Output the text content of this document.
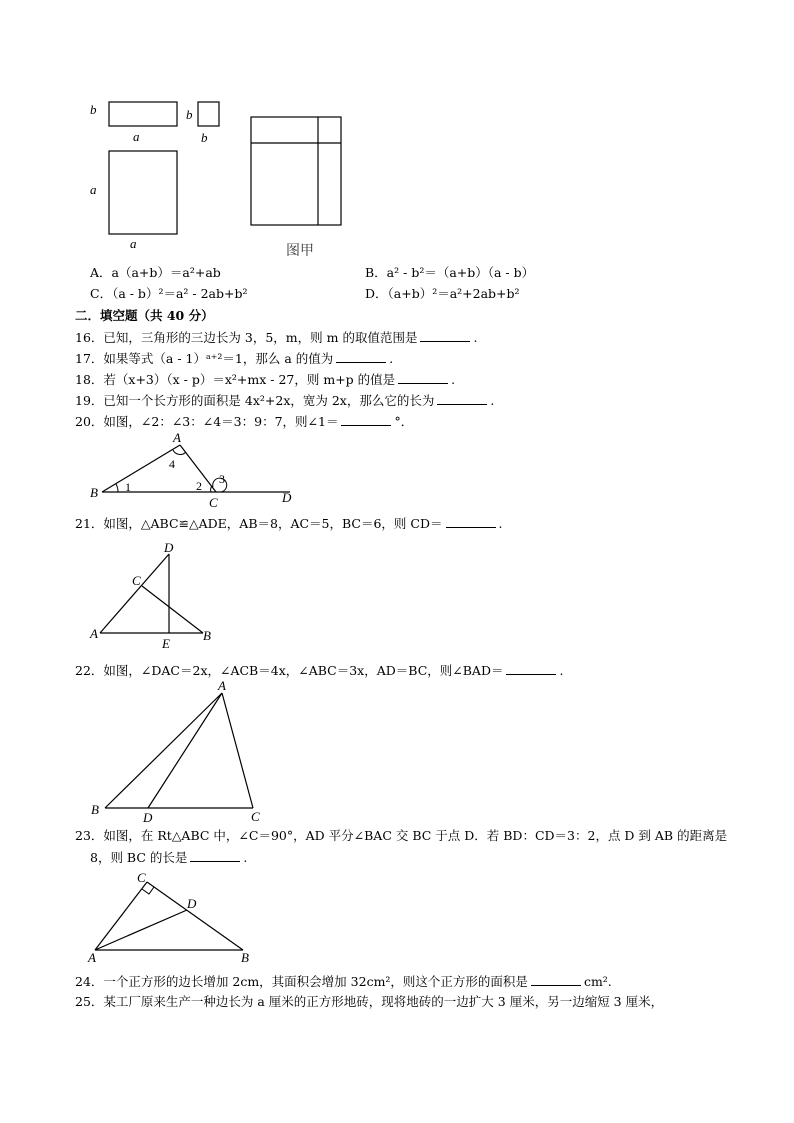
b
a
b
b
a
a
图甲
A．a（a+b）＝a²+ab	B．a² - b²＝（a+b）（a - b）
C．（a - b）²＝a² - 2ab+b²	D．（a+b）²＝a²+2ab+b²
二．填空题（共 40 分）
16．已知，三角形的三边长为 3，5，m，则 m 的取值范围是	.
17．如果等式（a - 1）ᵃ⁺²＝1，那么 a 的值为	.
18．若（x+3）（x - p）＝x²+mx - 27，则 m+p 的值是	.
19．已知一个长方形的面积是 4x²+2x，宽为 2x，那么它的长为	.
20．如图，∠2：∠3：∠4＝3：9：7，则∠1＝	°．
A
B
C	D
1	2 3
4
21．如图，△ABC≌△ADE，AB＝8，AC＝5，BC＝6，则 CD＝	.
A	B
C
D
E
22．如图，∠DAC＝2x，∠ACB＝4x，∠ABC＝3x，AD＝BC，则∠BAD＝	.
A
B	C
D
23．如图，在 Rt△ABC 中，∠C＝90°，AD 平分∠BAC 交 BC 于点 D．若 BD：CD＝3：2，点 D 到 AB 的距离是
8，则 BC 的长是	.
A	B
C
D
24．一个正方形的边长增加 2cm，其面积会增加 32cm²，则这个正方形的面积是	cm².
25．某工厂原来生产一种边长为 a 厘米的正方形地砖，现将地砖的一边扩大 3 厘米，另一边缩短 3 厘米，
